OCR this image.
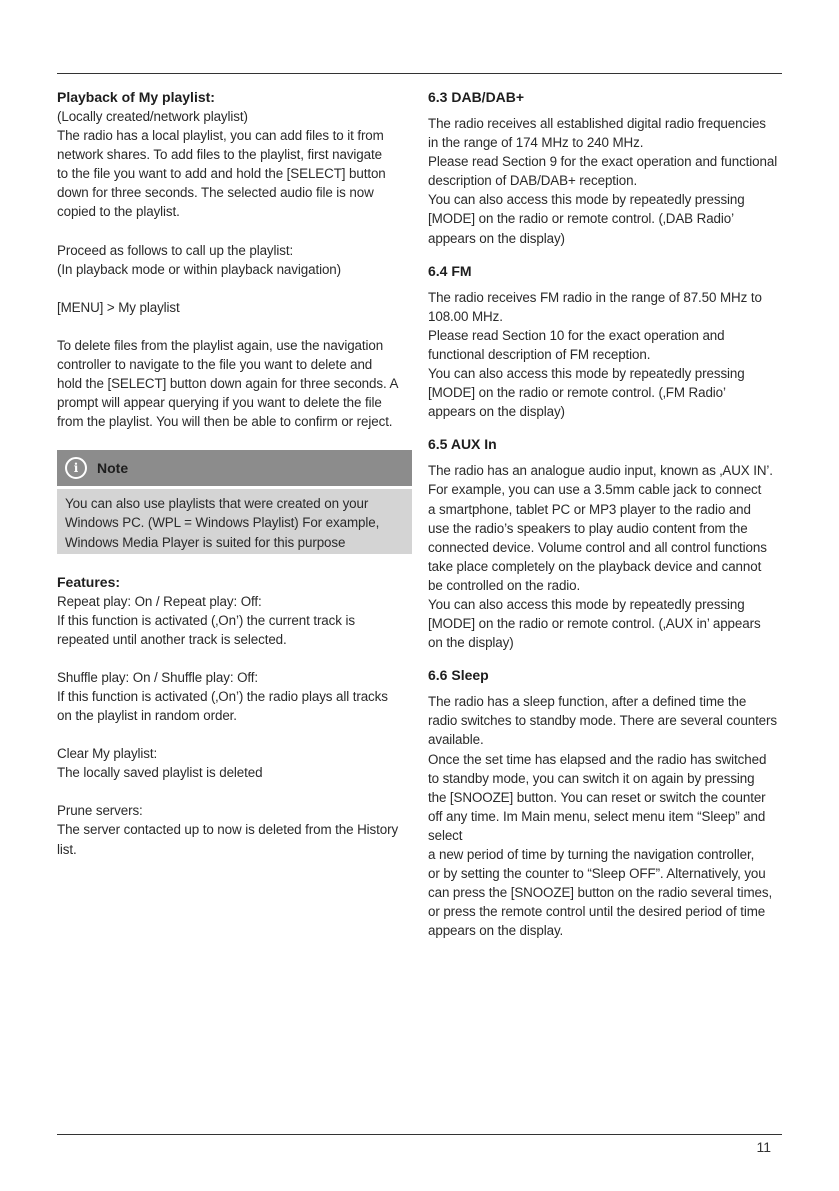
Playback of My playlist:

(Locally created/network playlist)

The radio has a local playlist, you can add files to it from
network shares. To add files to the playlist, first navigate
to the file you want to add and hold the [SELECT] button
down for three seconds. The selected audio file is now
copied to the playlist.

Proceed as follows to call up the playlist:

(In playback mode or within playback navigation)

[MENU] > My playlist

To delete files from the playlist again, use the navigation
controller to navigate to the file you want to delete and
hold the [SELECT] button down again for three seconds. A
prompt will appear querying if you want to delete the file
from the playlist. You will then be able to confirm or reject.

i	Note

You can also use playlists that were created on your
Windows PC. (WPL = Windows Playlist) For example,
Windows Media Player is suited for this purpose

Features:

Repeat play: On / Repeat play: Off:

If this function is activated (‚On’) the current track is
repeated until another track is selected.

Shuffle play: On / Shuffle play: Off:

If this function is activated (‚On’) the radio plays all tracks
on the playlist in random order.

Clear My playlist:

The locally saved playlist is deleted

Prune servers:

The server contacted up to now is deleted from the History
list.

6.3 DAB/DAB+

The radio receives all established digital radio frequencies
in the range of 174 MHz to 240 MHz.
Please read Section 9 for the exact operation and functional
description of DAB/DAB+ reception.
You can also access this mode by repeatedly pressing
[MODE] on the radio or remote control. (‚DAB Radio’
appears on the display)

6.4 FM

The radio receives FM radio in the range of 87.50 MHz to
108.00 MHz.
Please read Section 10 for the exact operation and
functional description of FM reception.
You can also access this mode by repeatedly pressing
[MODE] on the radio or remote control. (‚FM Radio’
appears on the display)

6.5 AUX In

The radio has an analogue audio input, known as ‚AUX IN’.
For example, you can use a 3.5mm cable jack to connect
a smartphone, tablet PC or MP3 player to the radio and
use the radio’s speakers to play audio content from the
connected device. Volume control and all control functions
take place completely on the playback device and cannot
be controlled on the radio.
You can also access this mode by repeatedly pressing
[MODE] on the radio or remote control. (‚AUX in’ appears
on the display)

6.6 Sleep

The radio has a sleep function, after a defined time the
radio switches to standby mode. There are several counters
available.
Once the set time has elapsed and the radio has switched
to standby mode, you can switch it on again by pressing
the [SNOOZE] button. You can reset or switch the counter
off any time. Im Main menu, select menu item “Sleep” and
select
a new period of time by turning the navigation controller,
or by setting the counter to “Sleep OFF”. Alternatively, you
can press the [SNOOZE] button on the radio several times,
or press the remote control until the desired period of time
appears on the display.

11
